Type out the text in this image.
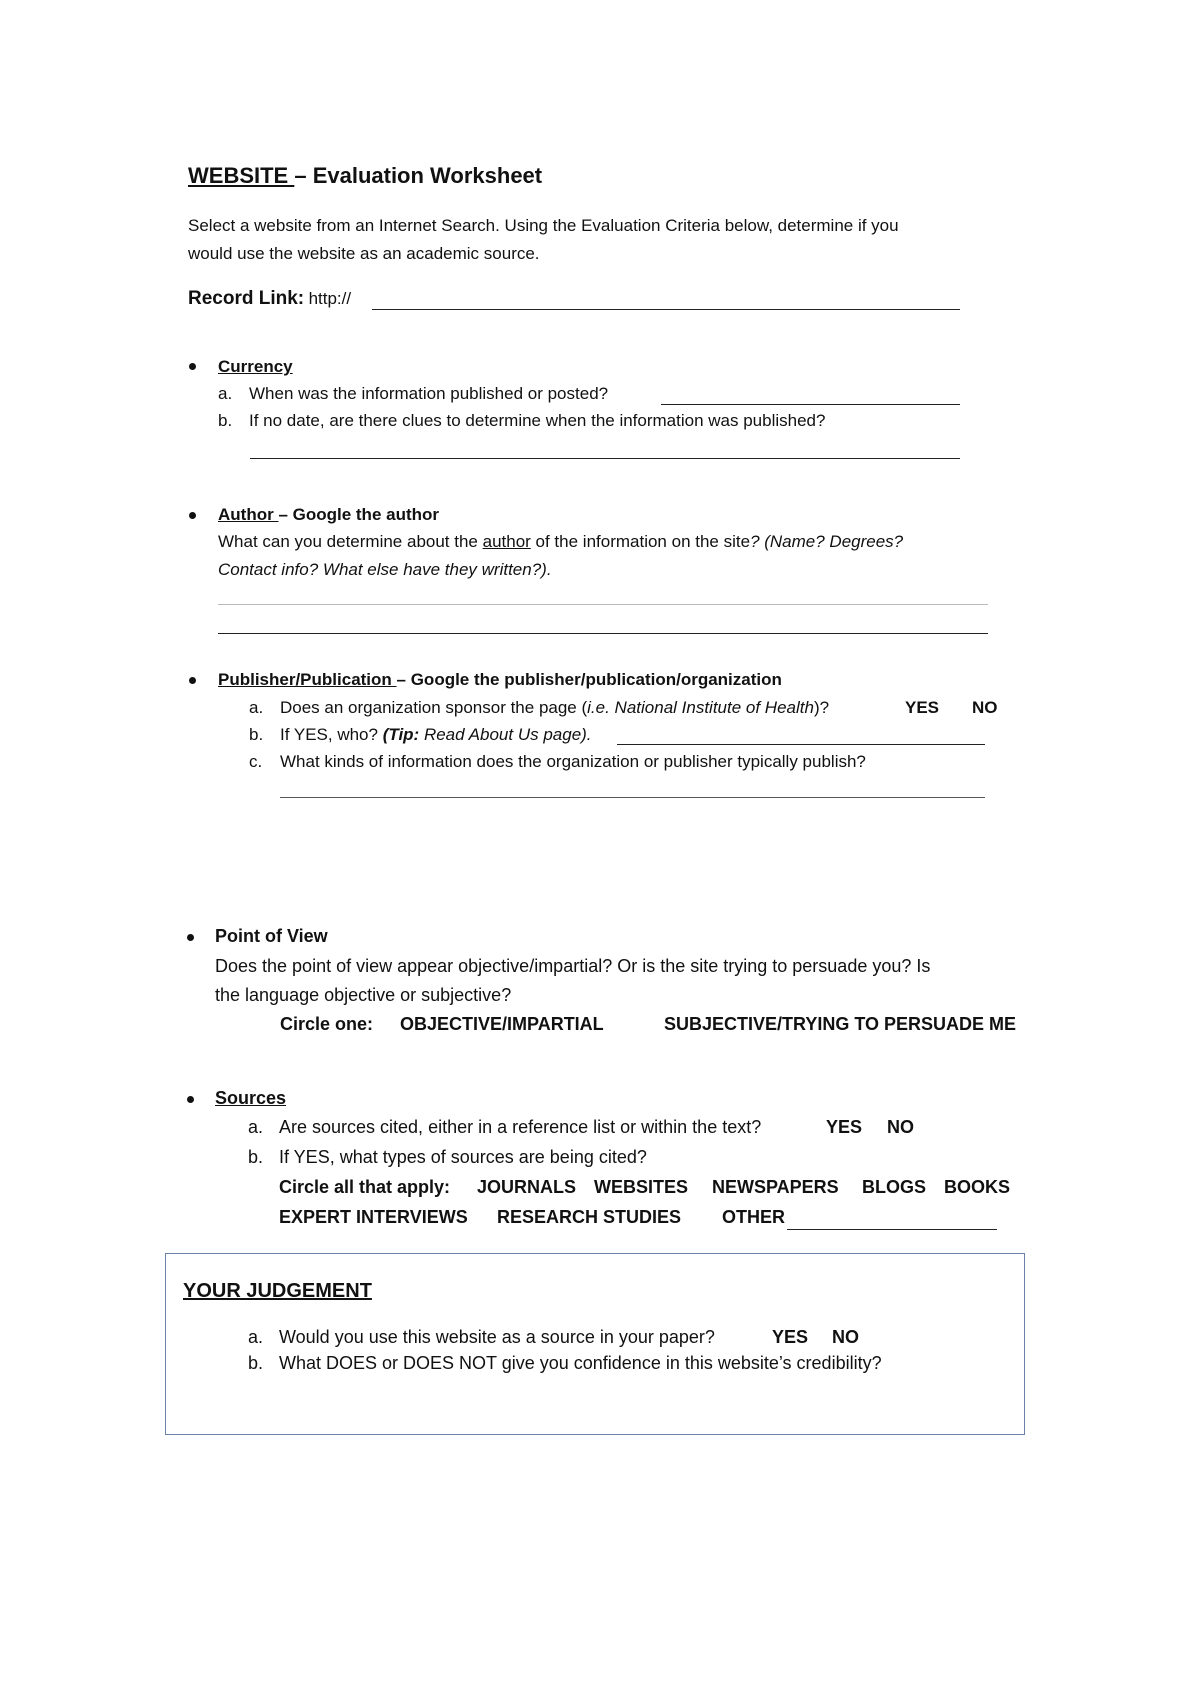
WEBSITE – Evaluation Worksheet
Select a website from an Internet Search. Using the Evaluation Criteria below, determine if you
would use the website as an academic source.
Record Link: http://
Currency
a. When was the information published or posted?
b. If no date, are there clues to determine when the information was published?
Author – Google the author
What can you determine about the author of the information on the site? (Name? Degrees?
Contact info? What else have they written?).
Publisher/Publication – Google the publisher/publication/organization
a. Does an organization sponsor the page (i.e. National Institute of Health)?	YES NO
b. If YES, who? (Tip: Read About Us page).
c. What kinds of information does the organization or publisher typically publish?
Point of View
Does the point of view appear objective/impartial? Or is the site trying to persuade you? Is
the language objective or subjective?
Circle one: OBJECTIVE/IMPARTIAL	SUBJECTIVE/TRYING TO PERSUADE ME
Sources
a. Are sources cited, either in a reference list or within the text?	YES NO
b. If YES, what types of sources are being cited?
Circle all that apply: JOURNALS WEBSITES NEWSPAPERS BLOGS BOOKS
EXPERT INTERVIEWS RESEARCH STUDIES OTHER
YOUR JUDGEMENT
a. Would you use this website as a source in your paper?	YES NO
b. What DOES or DOES NOT give you confidence in this website’s credibility?
